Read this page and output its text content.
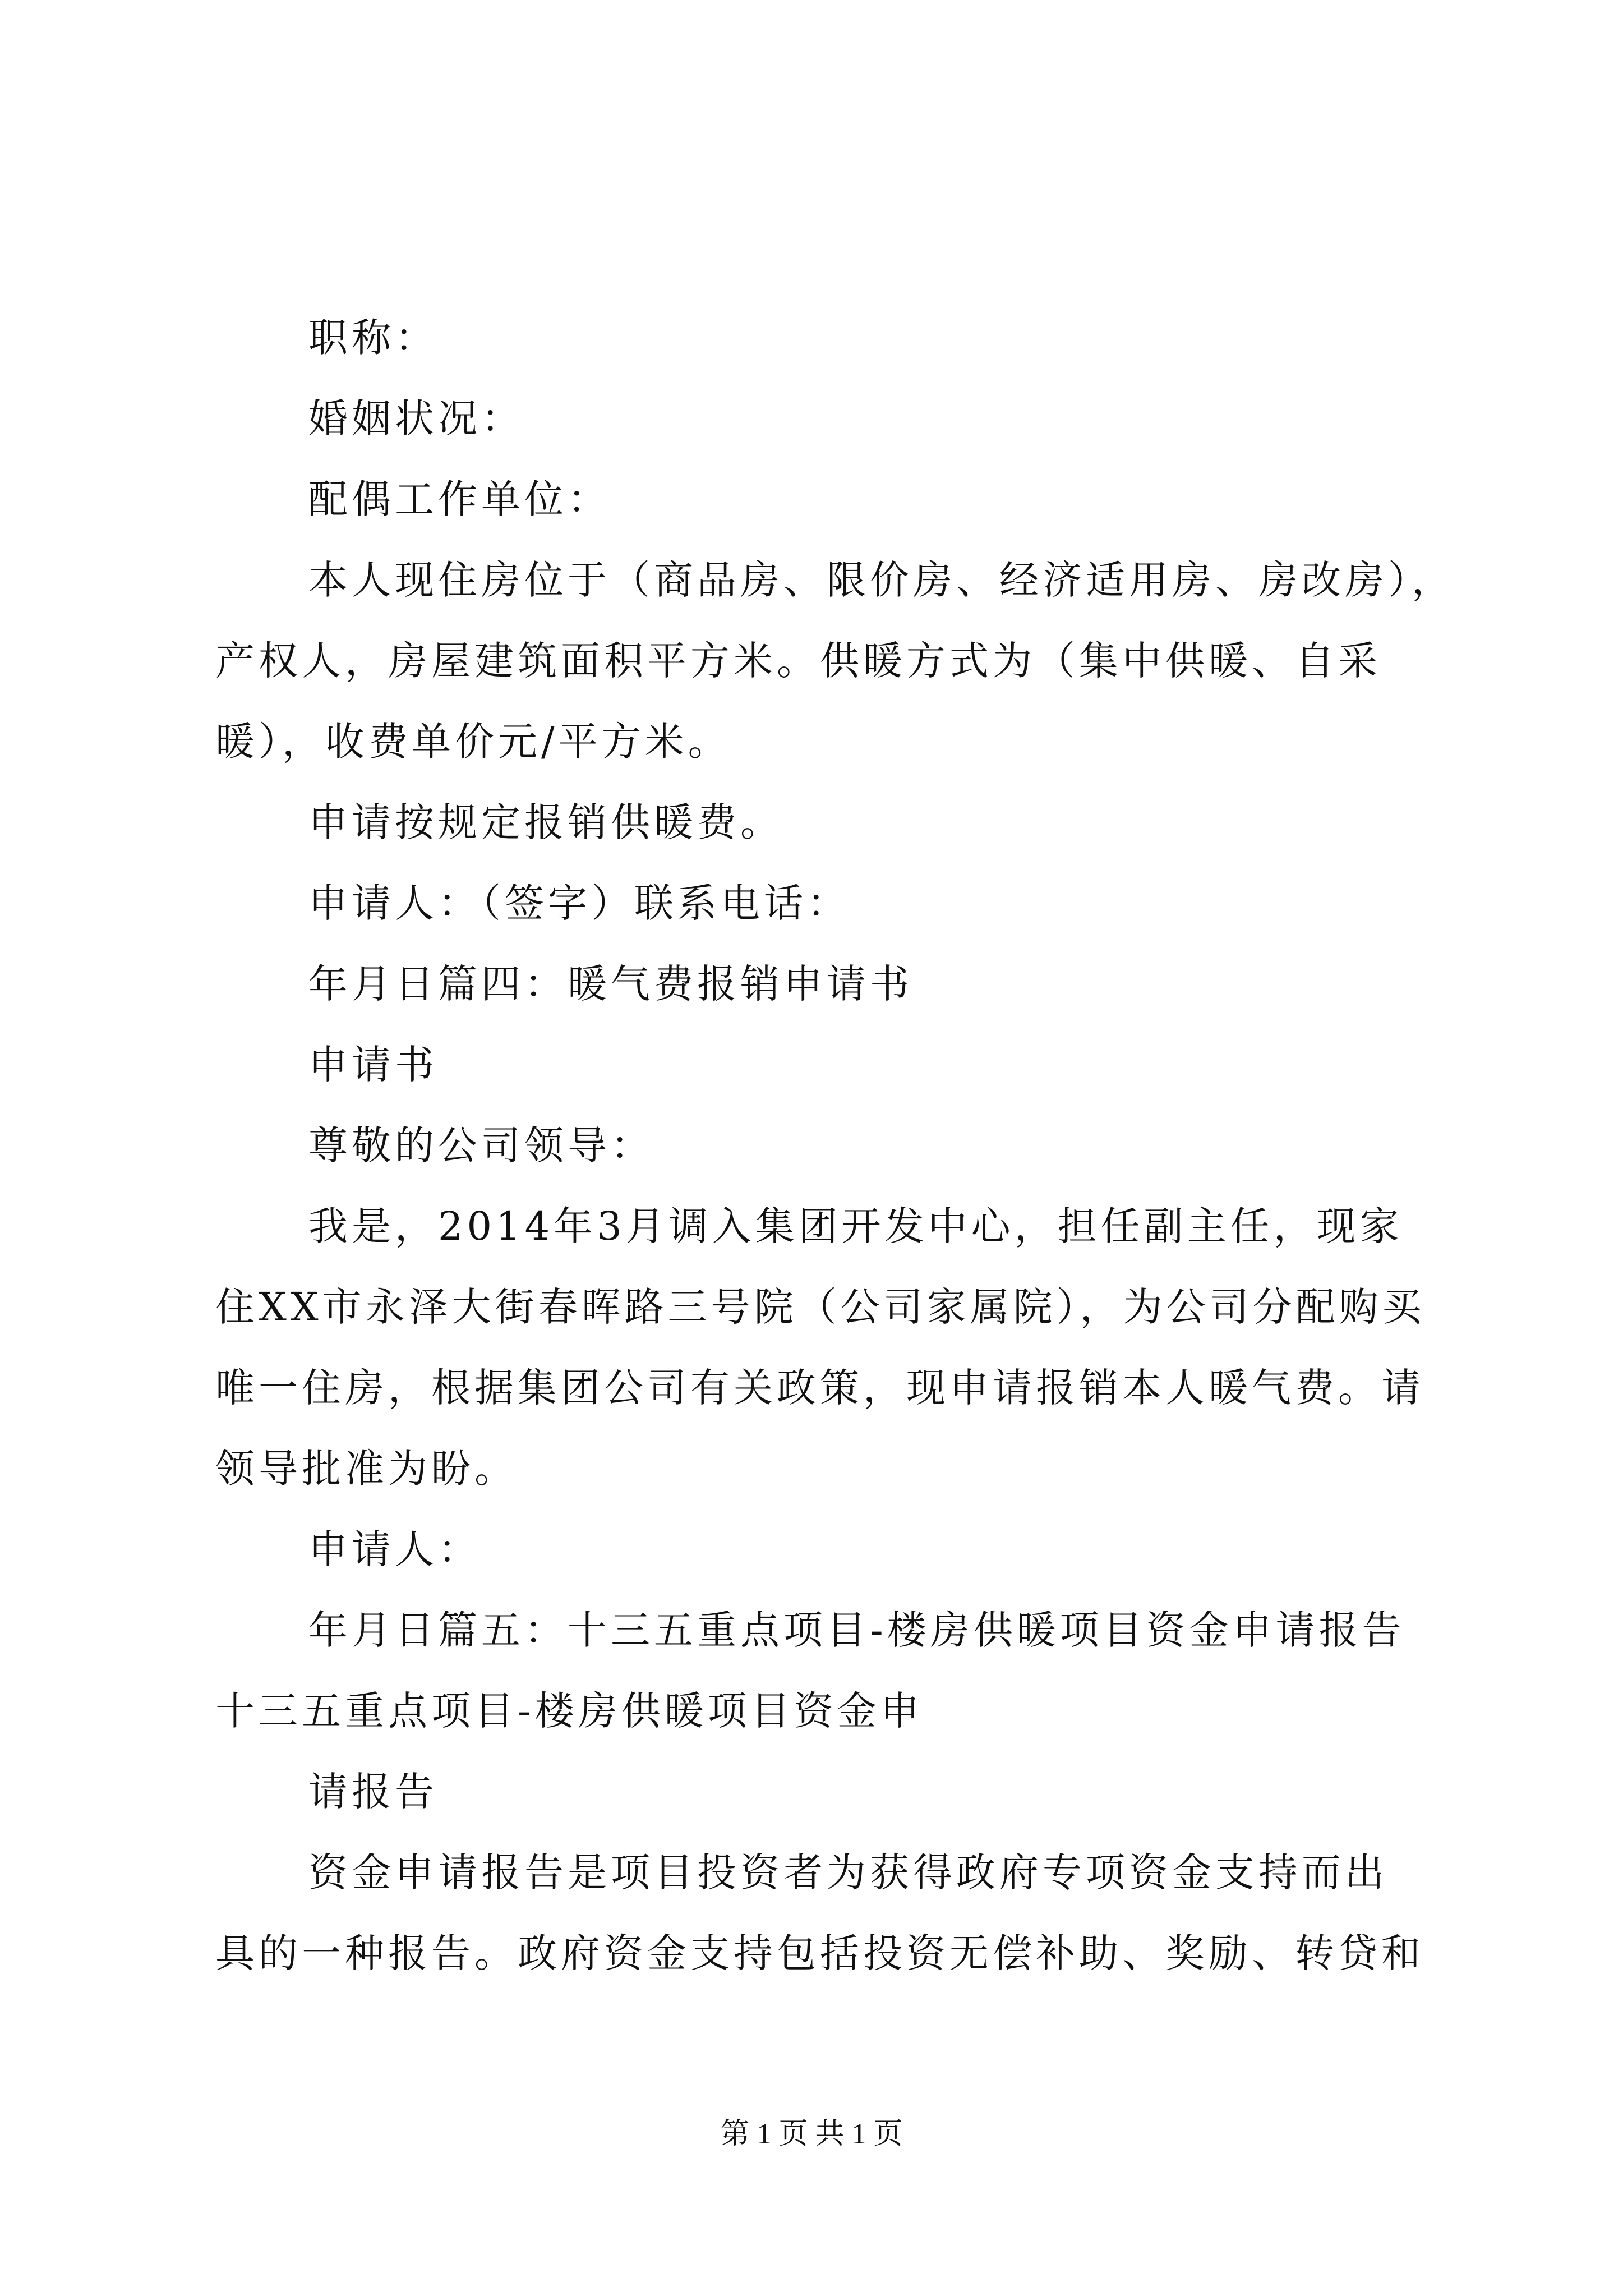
职称：
婚姻状况：
配偶工作单位：
本人现住房位于（商品房、限价房、经济适用房、房改房），
产权人，房屋建筑面积平方米。供暖方式为（集中供暖、自采
暖），收费单价元/平方米。
申请按规定报销供暖费。
申请人：（签字）联系电话：
年月日篇四：暖气费报销申请书
申请书
尊敬的公司领导：
我是，2014年3月调入集团开发中心，担任副主任，现家
住XX市永泽大街春晖路三号院（公司家属院），为公司分配购买
唯一住房，根据集团公司有关政策，现申请报销本人暖气费。请
领导批准为盼。
申请人：
年月日篇五：十三五重点项目-楼房供暖项目资金申请报告
十三五重点项目-楼房供暖项目资金申
请报告
资金申请报告是项目投资者为获得政府专项资金支持而出
具的一种报告。政府资金支持包括投资无偿补助、奖励、转贷和
第 1 页 共 1 页
